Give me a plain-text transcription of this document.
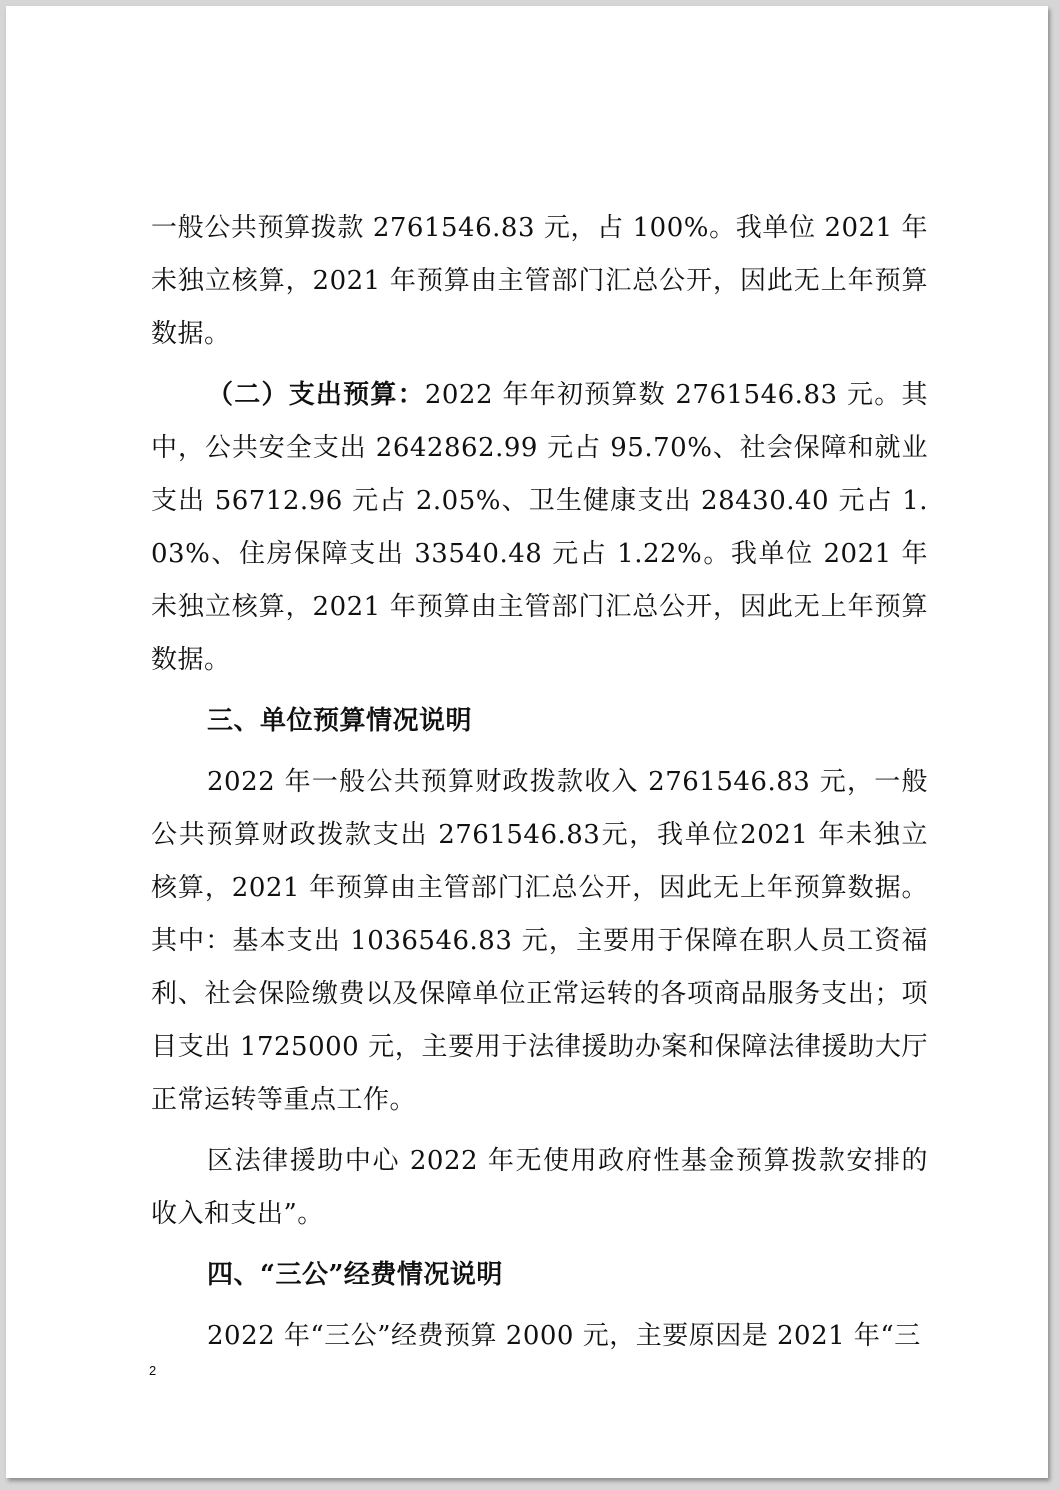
一般公共预算拨款 2761546.83 元，占 100%。我单位 2021 年未独立核算，2021 年预算由主管部门汇总公开，因此无上年预算数据。

（二）支出预算：2022 年年初预算数 2761546.83 元。其中，公共安全支出 2642862.99 元占 95.70%、社会保障和就业支出 56712.96 元占 2.05%、卫生健康支出 28430.40 元占 1.03%、住房保障支出 33540.48 元占 1.22%。我单位 2021 年未独立核算，2021 年预算由主管部门汇总公开，因此无上年预算数据。

三、单位预算情况说明

2022 年一般公共预算财政拨款收入 2761546.83 元，一般公共预算财政拨款支出 2761546.83元，我单位2021 年未独立核算，2021 年预算由主管部门汇总公开，因此无上年预算数据。其中：基本支出 1036546.83 元，主要用于保障在职人员工资福利、社会保险缴费以及保障单位正常运转的各项商品服务支出；项目支出 1725000 元，主要用于法律援助办案和保障法律援助大厅正常运转等重点工作。

区法律援助中心 2022 年无使用政府性基金预算拨款安排的收入和支出”。

四、“三公”经费情况说明

2022 年“三公”经费预算 2000 元，主要原因是 2021 年“三

2
